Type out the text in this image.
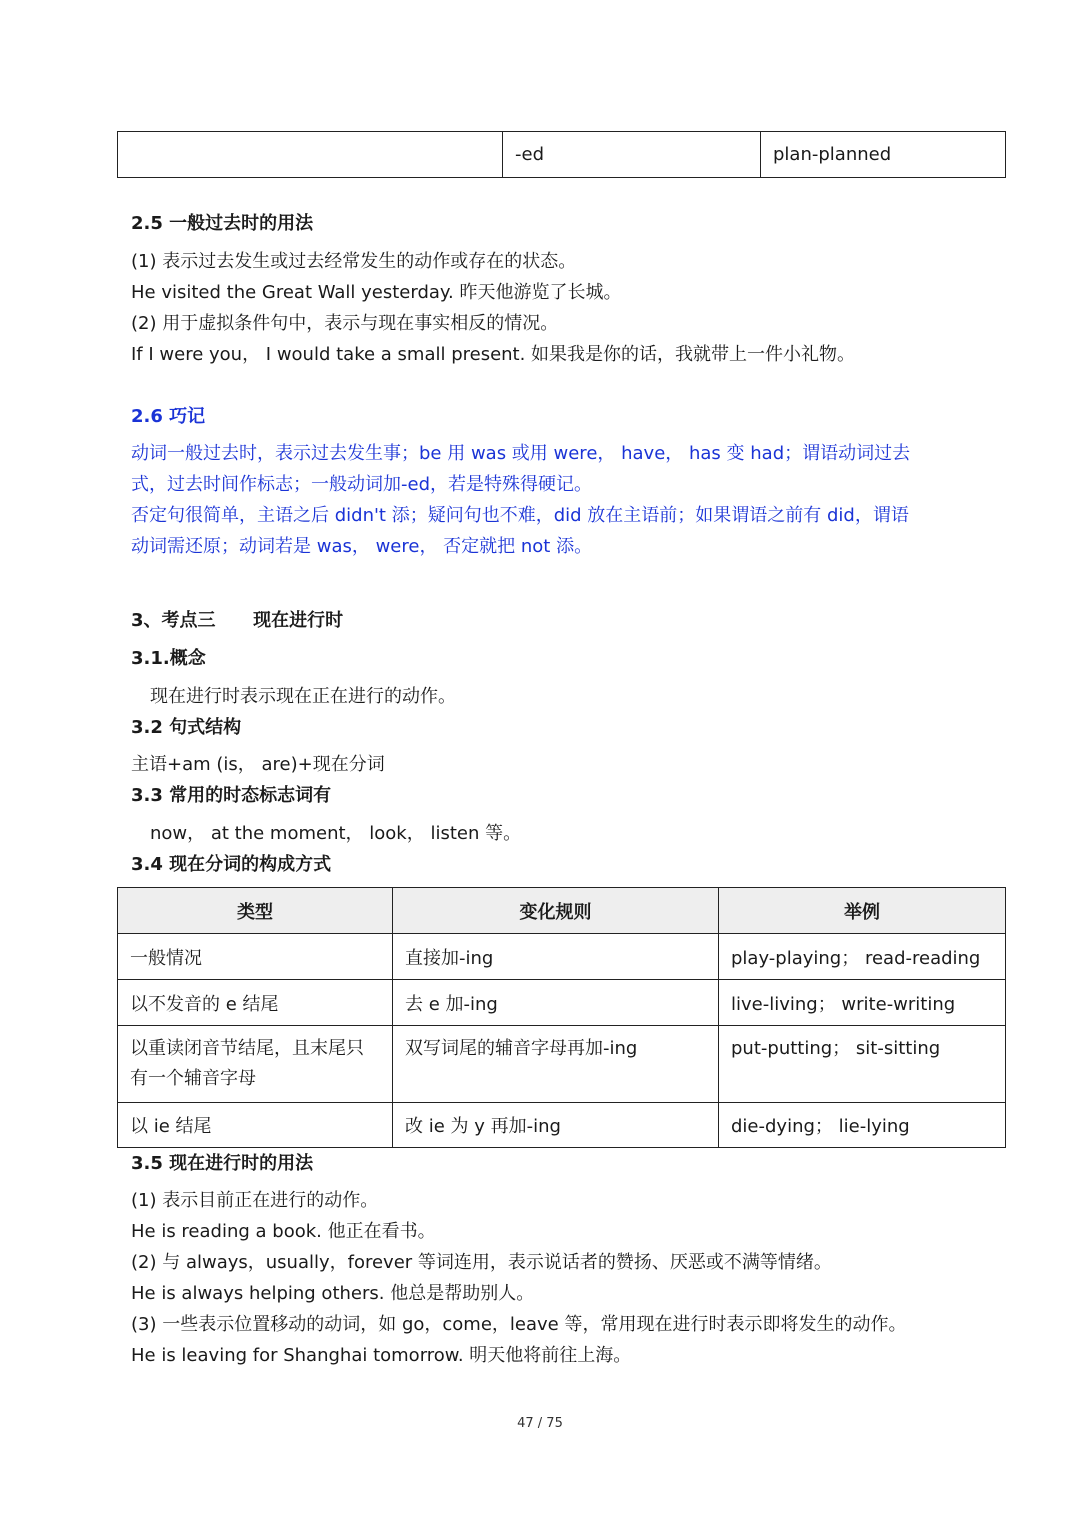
	-ed	plan-planned
2.5 一般过去时的用法
(1) 表示过去发生或过去经常发生的动作或存在的状态。
He visited the Great Wall yesterday. 昨天他游览了长城。
(2) 用于虚拟条件句中，表示与现在事实相反的情况。
If I were you， I would take a small present. 如果我是你的话，我就带上一件小礼物。
2.6 巧记
动词一般过去时，表示过去发生事；be 用 was 或用 were， have， has 变 had；谓语动词过去
式，过去时间作标志；一般动词加-ed，若是特殊得硬记。
否定句很简单，主语之后 didn't 添；疑问句也不难，did 放在主语前；如果谓语之前有 did，谓语
动词需还原；动词若是 was， were， 否定就把 not 添。
3、考点三      现在进行时
3.1.概念
现在进行时表示现在正在进行的动作。
3.2 句式结构
主语+am (is， are)+现在分词
3.3 常用的时态标志词有
now， at the moment， look， listen 等。
3.4 现在分词的构成方式
类型	变化规则	举例
一般情况	直接加-ing	play-playing； read-reading
以不发音的 e 结尾	去 e 加-ing	live-living； write-writing

以重读闭音节结尾，且末尾只
有一个辅音字母	双写词尾的辅音字母再加-ing	put-putting； sit-sitting
以 ie 结尾	改 ie 为 y 再加-ing	die-dying； lie-lying
3.5 现在进行时的用法
(1) 表示目前正在进行的动作。
He is reading a book. 他正在看书。
(2) 与 always，usually，forever 等词连用，表示说话者的赞扬、厌恶或不满等情绪。
He is always helping others. 他总是帮助别人。
(3) 一些表示位置移动的动词，如 go，come，leave 等，常用现在进行时表示即将发生的动作。
He is leaving for Shanghai tomorrow. 明天他将前往上海。
47 / 75
